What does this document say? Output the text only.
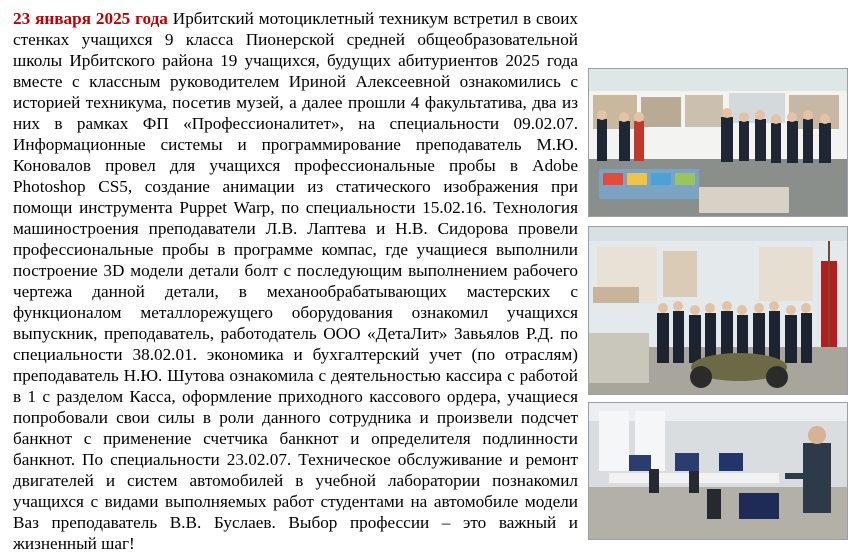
23 января 2025 года Ирбитский мотоциклетный техникум встретил в своих стенках учащихся 9 класса Пионерской средней общеобразовательной школы Ирбитского района 19 учащихся, будущих абитуриентов 2025 года вместе с классным руководителем Ириной Алексеевной ознакомились с историей техникума, посетив музей, а далее прошли 4 факультатива, два из них в рамках ФП «Профессионалитет», на специальности 09.02.07. Информационные системы и программирование преподаватель М.Ю. Коновалов провел для учащихся профессиональные пробы в Adobe Photoshop CS5, создание анимации из статического изображения при помощи инструмента Puppet Warp, по специальности 15.02.16. Технология машиностроения преподаватели Л.В. Лаптева и Н.В. Сидорова провели профессиональные пробы в программе компас, где учащиеся выполнили построение 3D модели детали болт с последующим выполнением рабочего чертежа данной детали, в механообрабатывающих мастерских с функционалом металлорежущего оборудования ознакомил учащихся выпускник, преподаватель, работодатель ООО «ДетаЛит» Завьялов Р.Д. по специальности 38.02.01. экономика и бухгалтерский учет (по отраслям) преподаватель Н.Ю. Шутова ознакомила с деятельностью кассира с работой в 1 с разделом Касса, оформление приходного кассового ордера, учащиеся попробовали свои силы в роли данного сотрудника и произвели подсчет банкнот с применение счетчика банкнот и определителя подлинности банкнот. По специальности 23.02.07. Техническое обслуживание и ремонт двигателей и систем автомобилей в учебной лаборатории познакомил учащихся с видами выполняемых работ студентами на автомобиле модели Ваз преподаватель В.В. Буслаев. Выбор профессии – это важный и жизненный шаг!
